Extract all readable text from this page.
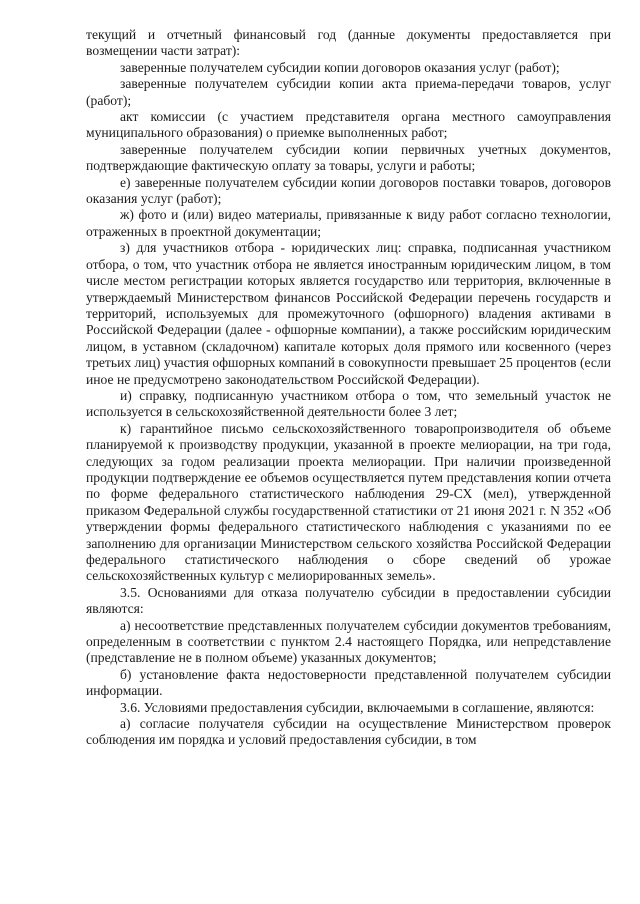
текущий и отчетный финансовый год (данные документы предоставляется при возмещении части затрат):

заверенные получателем субсидии копии договоров оказания услуг (работ);

заверенные получателем субсидии копии акта приема-передачи товаров, услуг (работ);

акт комиссии (с участием представителя органа местного самоуправления муниципального образования) о приемке выполненных работ;

заверенные получателем субсидии копии первичных учетных документов, подтверждающие фактическую оплату за товары, услуги и работы;

е) заверенные получателем субсидии копии договоров поставки товаров, договоров оказания услуг (работ);

ж) фото и (или) видео материалы, привязанные к виду работ согласно технологии, отраженных в проектной документации;

з) для участников отбора - юридических лиц: справка, подписанная участником отбора, о том, что участник отбора не является иностранным юридическим лицом, в том числе местом регистрации которых является государство или территория, включенные в утверждаемый Министерством финансов Российской Федерации перечень государств и территорий, используемых для промежуточного (офшорного) владения активами в Российской Федерации (далее - офшорные компании), а также российским юридическим лицом, в уставном (складочном) капитале которых доля прямого или косвенного (через третьих лиц) участия офшорных компаний в совокупности превышает 25 процентов (если иное не предусмотрено законодательством Российской Федерации).

и) справку, подписанную участником отбора о том, что земельный участок не используется в сельскохозяйственной деятельности более 3 лет;

к) гарантийное письмо сельскохозяйственного товаропроизводителя об объеме планируемой к производству продукции, указанной в проекте мелиорации, на три года, следующих за годом реализации проекта мелиорации. При наличии произведенной продукции подтверждение ее объемов осуществляется путем представления копии отчета по форме федерального статистического наблюдения 29-СХ (мел), утвержденной приказом Федеральной службы государственной статистики от 21 июня 2021 г. N 352 «Об утверждении формы федерального статистического наблюдения с указаниями по ее заполнению для организации Министерством сельского хозяйства Российской Федерации федерального статистического наблюдения о сборе сведений об урожае сельскохозяйственных культур с мелиорированных земель».

3.5. Основаниями для отказа получателю субсидии в предоставлении субсидии являются:

а) несоответствие представленных получателем субсидии документов требованиям, определенным в соответствии с пунктом 2.4 настоящего Порядка, или непредставление (представление не в полном объеме) указанных документов;

б) установление факта недостоверности представленной получателем субсидии информации.

3.6. Условиями предоставления субсидии, включаемыми в соглашение, являются:

а) согласие получателя субсидии на осуществление Министерством проверок соблюдения им порядка и условий предоставления субсидии, в том
